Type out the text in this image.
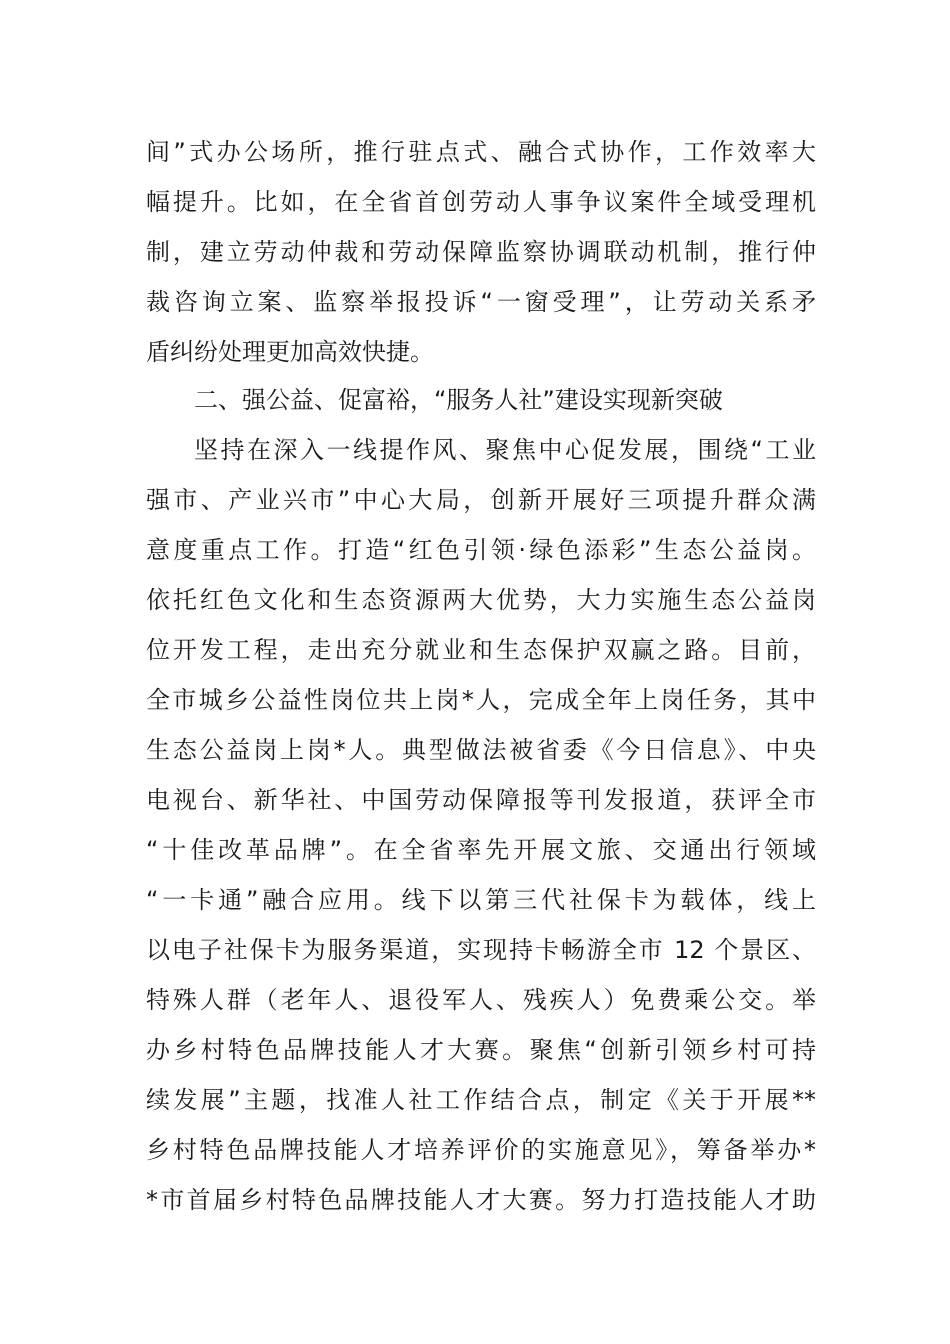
间”式办公场所，推行驻点式、融合式协作，工作效率大
幅提升。比如，在全省首创劳动人事争议案件全域受理机
制，建立劳动仲裁和劳动保障监察协调联动机制，推行仲
裁咨询立案、监察举报投诉“一窗受理”，让劳动关系矛
盾纠纷处理更加高效快捷。
二、强公益、促富裕，“服务人社”建设实现新突破
坚持在深入一线提作风、聚焦中心促发展，围绕“工业
强市、产业兴市”中心大局，创新开展好三项提升群众满
意度重点工作。打造“红色引领·绿色添彩”生态公益岗。
依托红色文化和生态资源两大优势，大力实施生态公益岗
位开发工程，走出充分就业和生态保护双赢之路。目前，
全市城乡公益性岗位共上岗*人，完成全年上岗任务，其中
生态公益岗上岗*人。典型做法被省委《今日信息》、中央
电视台、新华社、中国劳动保障报等刊发报道，获评全市
“十佳改革品牌”。在全省率先开展文旅、交通出行领域
“一卡通”融合应用。线下以第三代社保卡为载体，线上
以电子社保卡为服务渠道，实现持卡畅游全市 12 个景区、
特殊人群（老年人、退役军人、残疾人）免费乘公交。举
办乡村特色品牌技能人才大赛。聚焦“创新引领乡村可持
续发展”主题，找准人社工作结合点，制定《关于开展**
乡村特色品牌技能人才培养评价的实施意见》，筹备举办*
*市首届乡村特色品牌技能人才大赛。努力打造技能人才助
